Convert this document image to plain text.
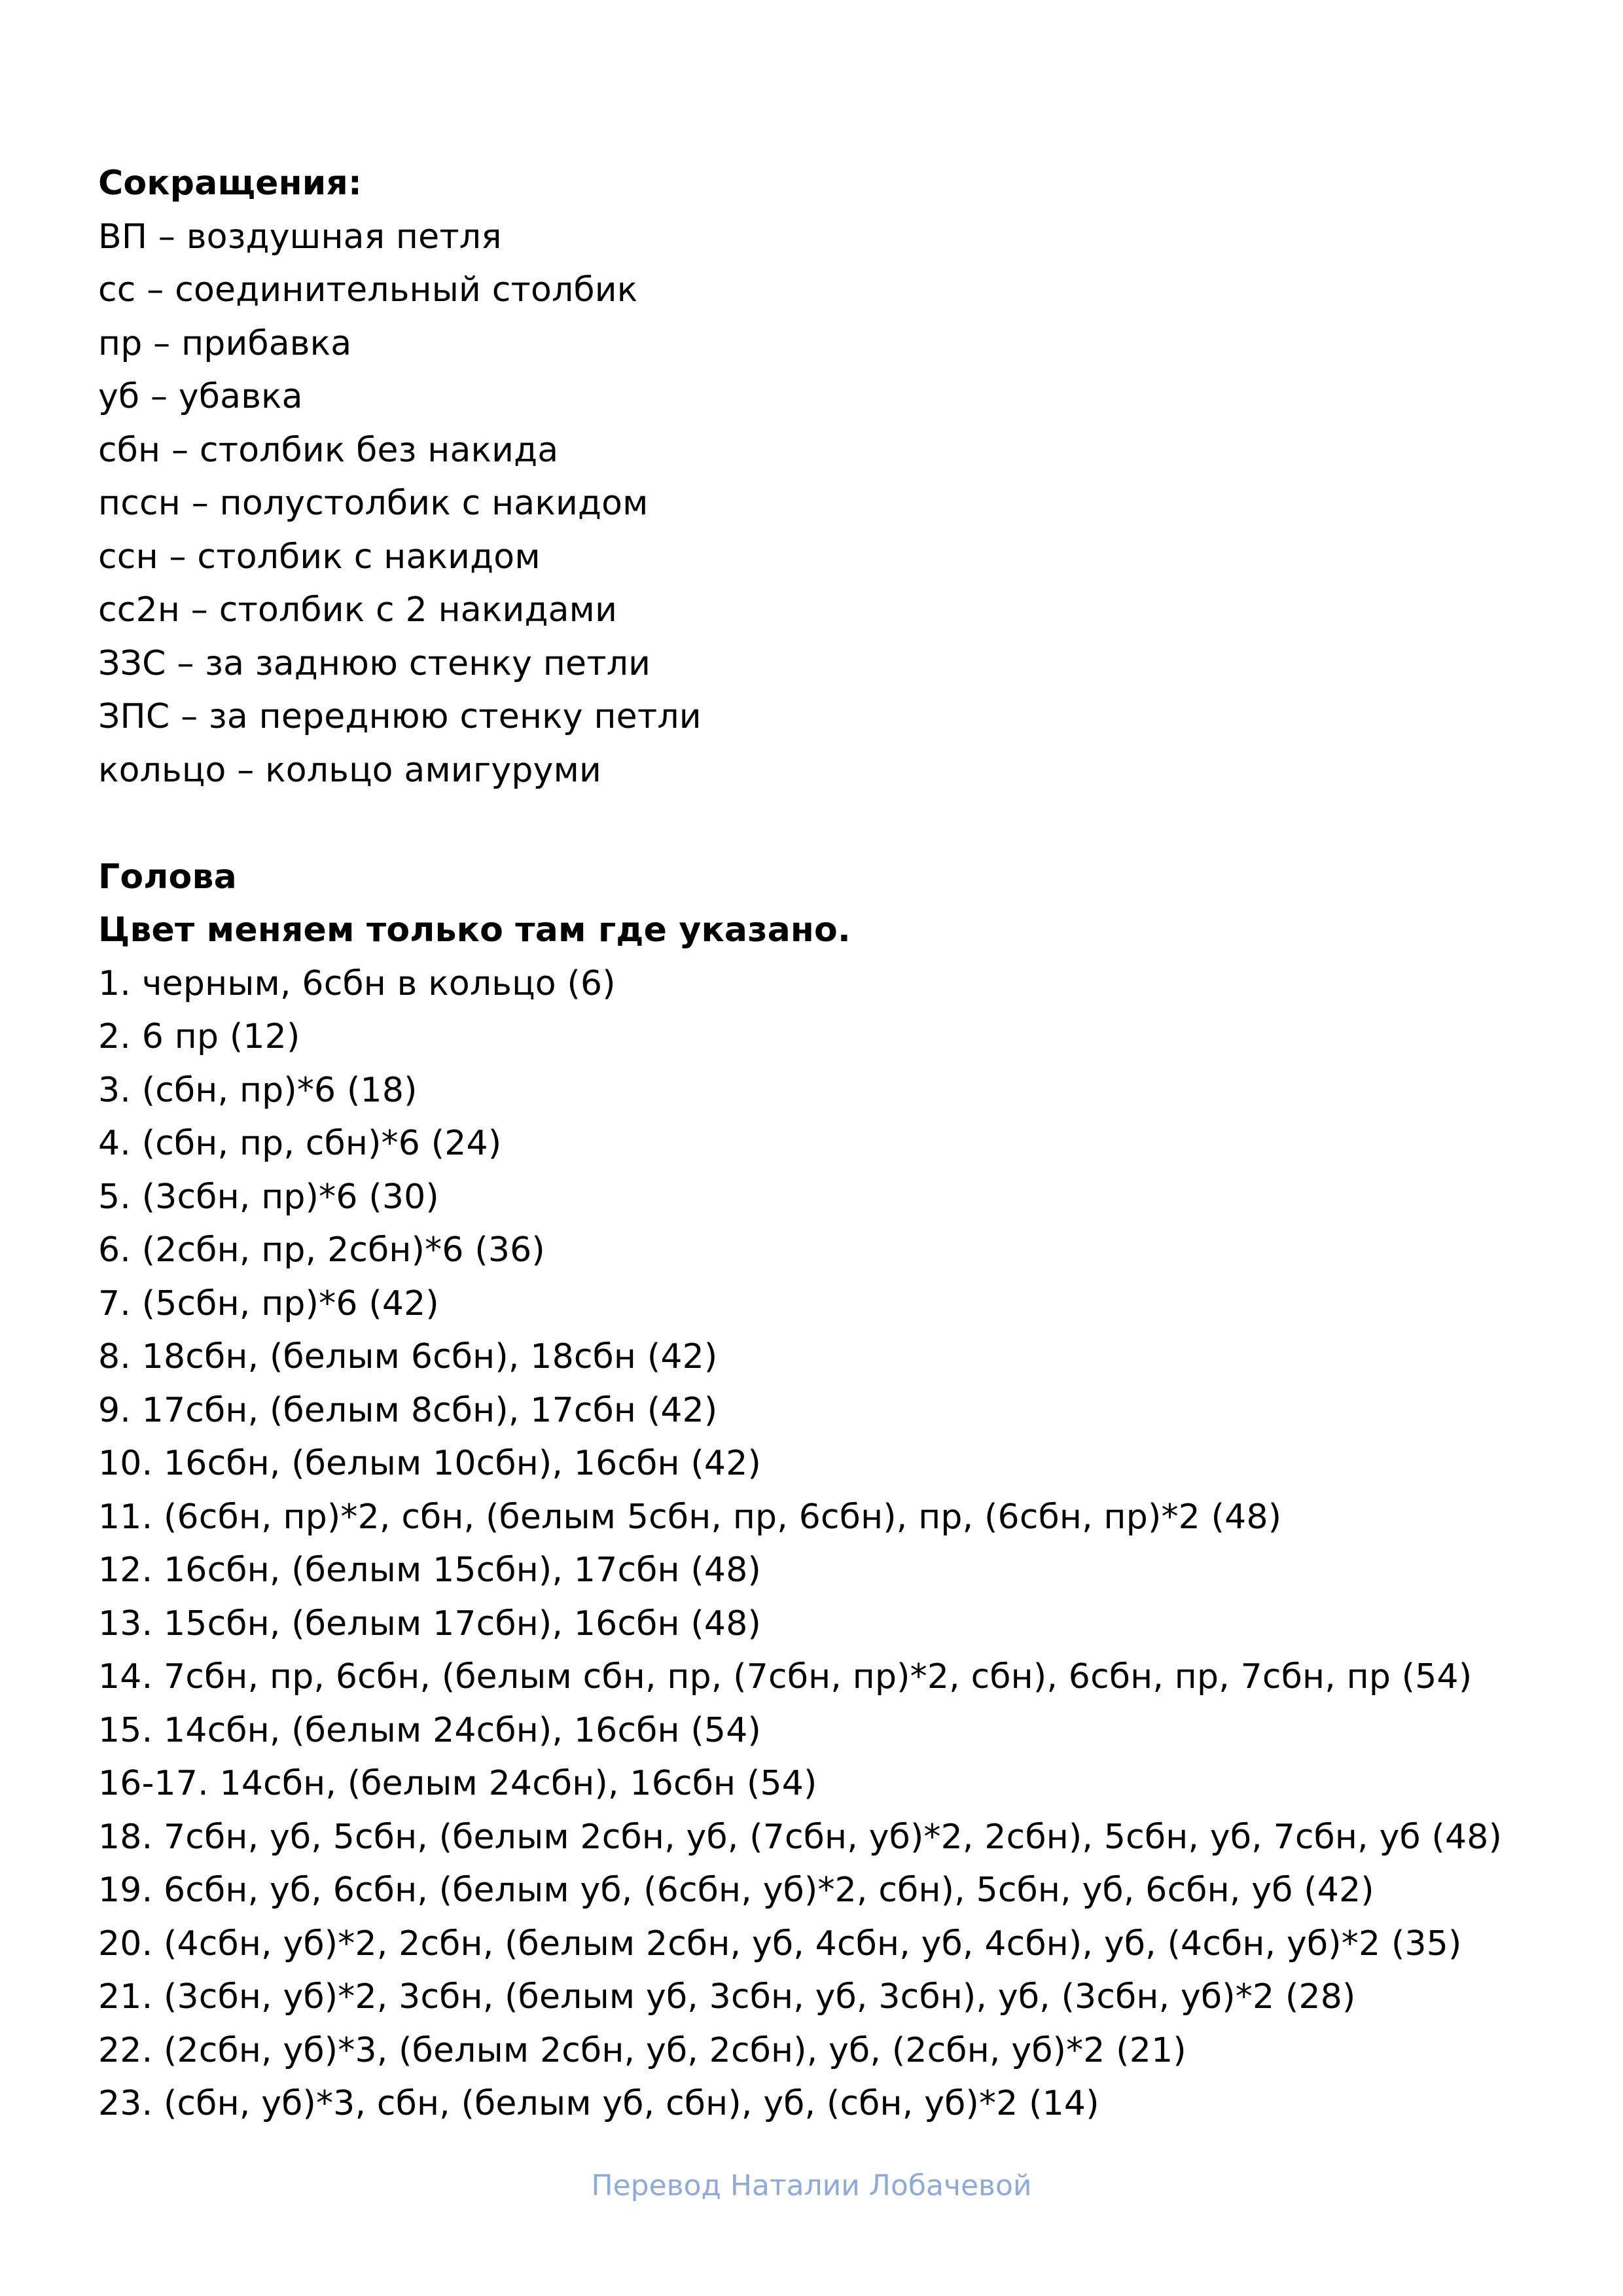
Сокращения:
ВП – воздушная петля
сс – соединительный столбик
пр – прибавка
уб – убавка
сбн – столбик без накида
пссн – полустолбик с накидом
ссн – столбик с накидом
сс2н – столбик с 2 накидами
ЗЗС – за заднюю стенку петли
ЗПС – за переднюю стенку петли
кольцо – кольцо амигуруми
Голова
Цвет меняем только там где указано.
1. черным, 6сбн в кольцо (6)
2. 6 пр (12)
3. (сбн, пр)*6 (18)
4. (сбн, пр, сбн)*6 (24)
5. (3сбн, пр)*6 (30)
6. (2сбн, пр, 2сбн)*6 (36)
7. (5сбн, пр)*6 (42)
8. 18сбн, (белым 6сбн), 18сбн (42)
9. 17сбн, (белым 8сбн), 17сбн (42)
10. 16сбн, (белым 10сбн), 16сбн (42)
11. (6сбн, пр)*2, сбн, (белым 5сбн, пр, 6сбн), пр, (6сбн, пр)*2 (48)
12. 16сбн, (белым 15сбн), 17сбн (48)
13. 15сбн, (белым 17сбн), 16сбн (48)
14. 7сбн, пр, 6сбн, (белым сбн, пр, (7сбн, пр)*2, сбн), 6сбн, пр, 7сбн, пр (54)
15. 14сбн, (белым 24сбн), 16сбн (54)
16-17. 14сбн, (белым 24сбн), 16сбн (54)
18. 7сбн, уб, 5сбн, (белым 2сбн, уб, (7сбн, уб)*2, 2сбн), 5сбн, уб, 7сбн, уб (48)
19. 6сбн, уб, 6сбн, (белым уб, (6сбн, уб)*2, сбн), 5сбн, уб, 6сбн, уб (42)
20. (4сбн, уб)*2, 2сбн, (белым 2сбн, уб, 4сбн, уб, 4сбн), уб, (4сбн, уб)*2 (35)
21. (3сбн, уб)*2, 3сбн, (белым уб, 3сбн, уб, 3сбн), уб, (3сбн, уб)*2 (28)
22. (2сбн, уб)*3, (белым 2сбн, уб, 2сбн), уб, (2сбн, уб)*2 (21)
23. (сбн, уб)*3, сбн, (белым уб, сбн), уб, (сбн, уб)*2 (14)
Перевод Наталии Лобачевой
